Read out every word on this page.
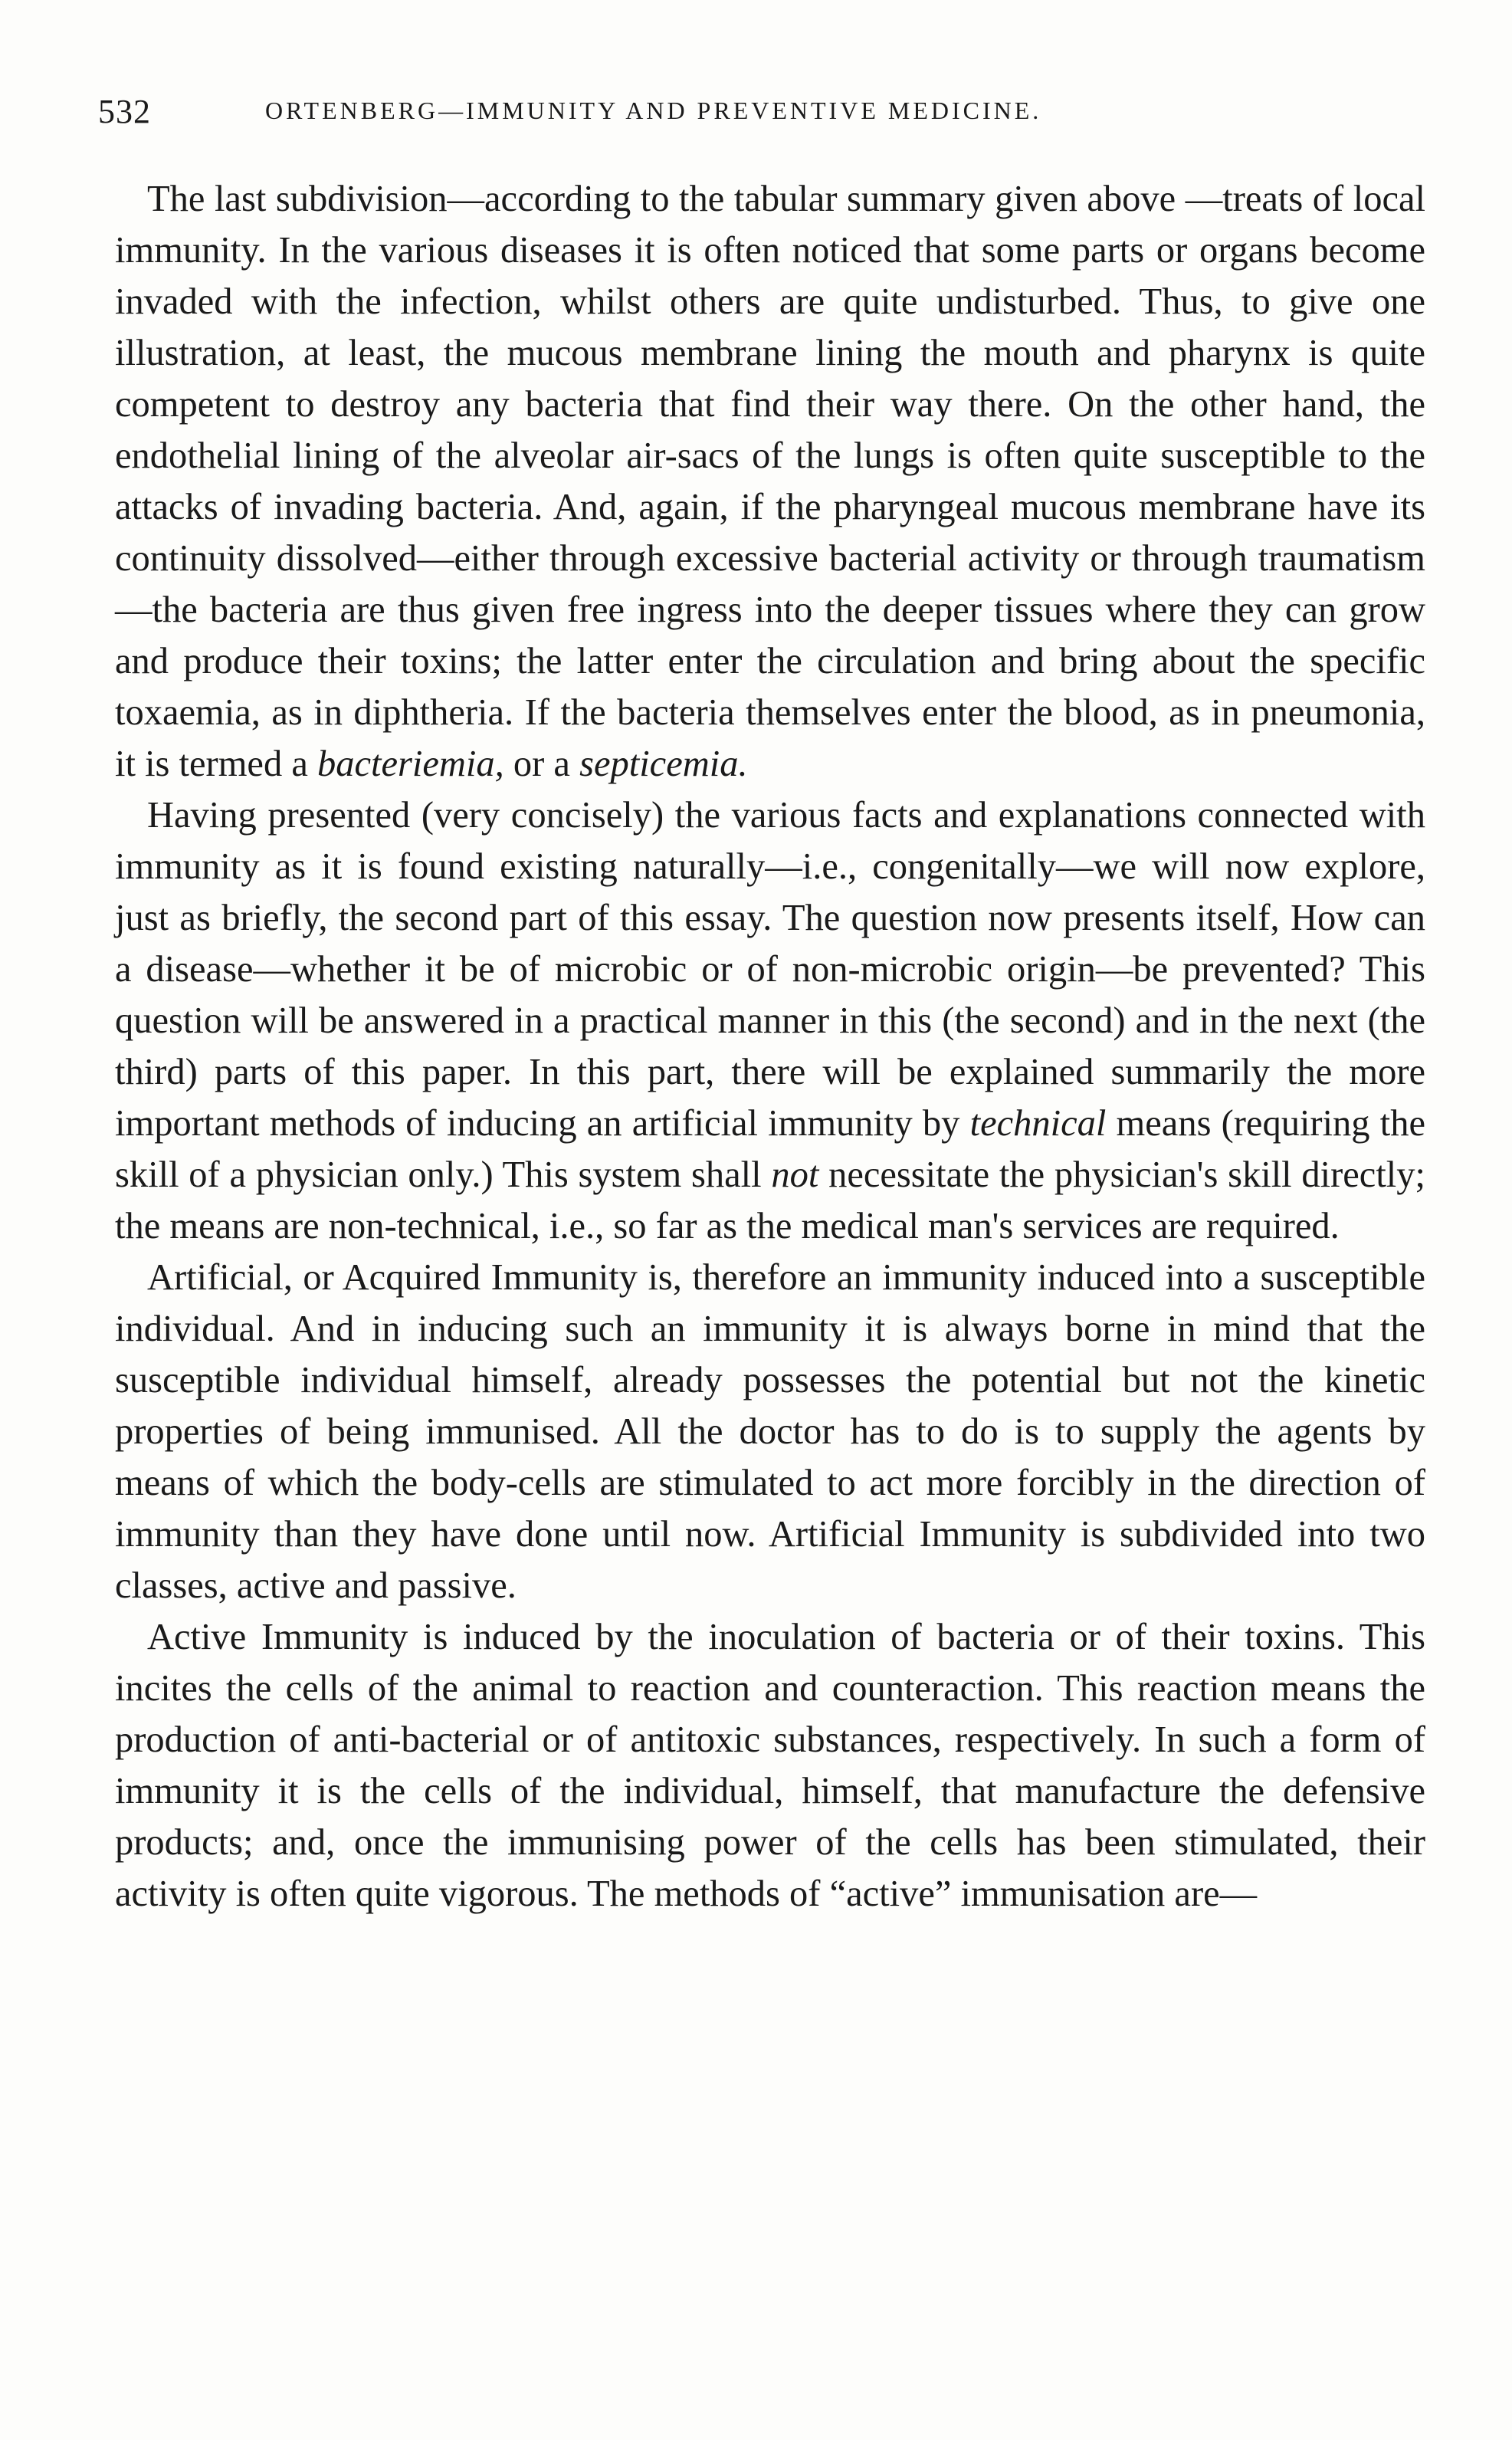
532	ORTENBERG—IMMUNITY AND PREVENTIVE MEDICINE.

The last subdivision—according to the tabular summary given above —treats of local immunity. In the various diseases it is often noticed that some parts or organs become invaded with the infection, whilst others are quite undisturbed. Thus, to give one illustration, at least, the mucous membrane lining the mouth and pharynx is quite competent to destroy any bacteria that find their way there. On the other hand, the endothelial lining of the alveolar air-sacs of the lungs is often quite susceptible to the attacks of invading bacteria. And, again, if the pharyngeal mucous membrane have its continuity dissolved—either through excessive bacterial activity or through traumatism—the bacteria are thus given free ingress into the deeper tissues where they can grow and produce their toxins; the latter enter the circulation and bring about the specific toxaemia, as in diphtheria. If the bacteria themselves enter the blood, as in pneumonia, it is termed a bacteriemia, or a septicemia.

Having presented (very concisely) the various facts and explanations connected with immunity as it is found existing naturally—i.e., congenitally—we will now explore, just as briefly, the second part of this essay. The question now presents itself, How can a disease—whether it be of microbic or of non-microbic origin—be prevented? This question will be answered in a practical manner in this (the second) and in the next (the third) parts of this paper. In this part, there will be explained summarily the more important methods of inducing an artificial immunity by technical means (requiring the skill of a physician only.) This system shall not necessitate the physician's skill directly; the means are non-technical, i.e., so far as the medical man's services are required.

Artificial, or Acquired Immunity is, therefore an immunity induced into a susceptible individual. And in inducing such an immunity it is always borne in mind that the susceptible individual himself, already possesses the potential but not the kinetic properties of being immunised. All the doctor has to do is to supply the agents by means of which the body-cells are stimulated to act more forcibly in the direction of immunity than they have done until now. Artificial Immunity is subdivided into two classes, active and passive.

Active Immunity is induced by the inoculation of bacteria or of their toxins. This incites the cells of the animal to reaction and counteraction. This reaction means the production of anti-bacterial or of antitoxic substances, respectively. In such a form of immunity it is the cells of the individual, himself, that manufacture the defensive products; and, once the immunising power of the cells has been stimulated, their activity is often quite vigorous. The methods of “active” immunisation are—
